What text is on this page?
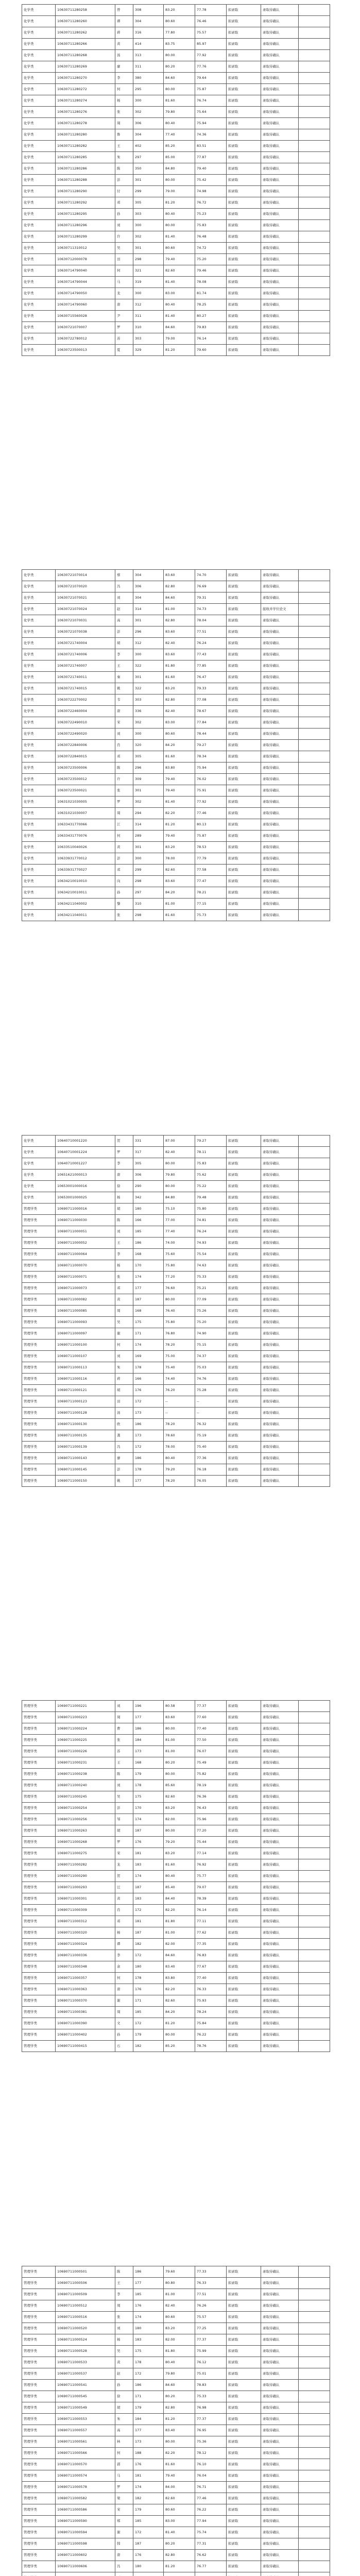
化学类	10630711280258	曾	308	83.20	77.78	拟录取	录取待确认	
化学类	10630711280260	谭	304	80.60	76.46	拟录取	录取待确认	
化学类	10630711280262	蒋	316	77.80	75.57	拟录取	录取待确认	
化学类	10630711280266	黄	414	83.75	85.97	拟录取	录取待确认	
化学类	10630711280268	汤	313	80.00	77.92	拟录取	录取待确认	
化学类	10630711280269	廖	311	80.20	77.76	拟录取	录取待确认	
化学类	10630711280270	李	380	84.60	79.64	拟录取	录取待确认	
化学类	10630711280272	何	295	80.00	75.87	拟录取	录取待确认	
化学类	10630711280274	杨	300	81.60	76.74	拟录取	录取待确认	
化学类	10630711280276	张	302	79.80	75.64	拟录取	录取待确认	
化学类	10630711280278	周	306	80.40	75.94	拟录取	录取待确认	
化学类	10630711280280	鲁	304	77.40	74.36	拟录取	录取待确认	
化学类	10630711280282	王	402	85.20	83.51	拟录取	录取待确认	
化学类	10630711280285	朱	297	85.00	77.87	拟录取	录取待确认	
化学类	10630711280286	陈	350	84.80	79.40	拟录取	录取待确认	
化学类	10630711280288	彭	301	80.00	75.42	拟录取	录取待确认	
化学类	10630711280290	付	299	79.00	74.98	拟录取	录取待确认	
化学类	10630711280292	邓	305	81.20	76.72	拟录取	录取待确认	
化学类	10630711280295	孙	303	80.40	75.23	拟录取	录取待确认	
化学类	10630711280296	刘	300	80.00	75.83	拟录取	录取待确认	
化学类	10630711280299	许	302	81.40	76.48	拟录取	录取待确认	
化学类	10630711310012	吴	301	80.60	74.72	拟录取	录取待确认	
化学类	10630712000078	田	298	79.40	75.20	拟录取	录取待确认	
化学类	10630714790040	何	321	82.60	79.46	拟录取	录取待确认	
化学类	10630714790044	马	319	81.40	78.08	拟录取	录取待确认	
化学类	10630714790050	龙	300	83.00	81.74	拟录取	录取待确认	
化学类	10630714790060	唐	312	80.40	78.25	拟录取	录取待确认	
化学类	10630715560028	尹	311	81.40	80.27	拟录取	录取待确认	
化学类	10630721070007	罗	310	84.60	79.83	拟录取	录取待确认	
化学类	10630722780012	苏	303	79.00	76.14	拟录取	录取待确认	
化学类	10630723500013	夏	329	81.20	79.60	拟录取	录取待确认	
化学类	10630721070014	蔡	304	83.60	74.70	拟录取	录取待确认	
化学类	10630721070020	冯	306	82.80	76.69	拟录取	录取待确认	
化学类	10630721070021	刘	304	84.60	79.31	拟录取	录取待确认	
化学类	10630721070024	赵	314	81.00	74.73	拟录取	接收并学位论文	
化学类	10630721070031	高	301	82.80	78.04	拟录取	录取待确认	
化学类	10630721070038	彭	296	83.60	77.51	拟录取	录取待确认	
化学类	10630721740004	胡	312	82.40	76.24	拟录取	录取待确认	
化学类	10630721740006	李	300	83.60	77.43	拟录取	录取待确认	
化学类	10630721740007	王	322	81.80	77.85	拟录取	录取待确认	
化学类	10630721740011	秦	301	81.60	76.47	拟录取	录取待确认	
化学类	10630721740015	姚	322	83.20	79.33	拟录取	录取待确认	
化学类	10630722270002	韦	303	82.80	77.08	拟录取	录取待确认	
化学类	10630722460004	唐	336	82.40	78.67	拟录取	录取待确认	
化学类	10630722490010	宋	302	83.00	77.84	拟录取	录取待确认	
化学类	10630722490020	刘	300	80.60	78.44	拟录取	录取待确认	
化学类	10630722840006	肖	320	84.20	79.27	拟录取	录取待确认	
化学类	10630722840015	邓	305	81.60	78.34	拟录取	录取待确认	
化学类	10630723500006	陈	296	83.80	75.94	拟录取	录取待确认	
化学类	10630723500012	许	309	79.40	76.02	拟录取	录取待确认	
化学类	10630723500021	张	301	79.40	75.91	拟录取	录取待确认	
化学类	10631021030005	罗	302	81.40	77.92	拟录取	录取待确认	
化学类	10631021030007	周	294	82.20	77.46	拟录取	录取待确认	
化学类	10633431770066	江	314	81.20	80.13	拟录取	录取待确认	
化学类	10633431770076	何	289	79.40	75.87	拟录取	录取待确认	
化学类	10633510040026	黄	301	83.20	78.53	拟录取	录取待确认	
化学类	10633931770012	彭	300	78.00	77.79	拟录取	录取待确认	
化学类	10633931770027	邓	299	82.60	77.58	拟录取	录取待确认	
化学类	10634210010010	向	298	83.60	77.47	拟录取	录取待确认	
化学类	10634210010011	孙	297	84.20	78.21	拟录取	录取待确认	
化学类	10634211040002	黎	310	81.00	77.15	拟录取	录取待确认	
化学类	10634211040011	张	298	81.60	75.73	拟录取	录取待确认	
化学类	10640710001220	贺	331	87.00	79.27	拟录取	录取待确认	
化学类	10640710001224	罗	317	82.40	78.11	拟录取	录取待确认	
化学类	10640710001227	李	305	80.00	75.83	拟录取	录取待确认	
化学类	10651621000013	唐	306	79.80	75.62	拟录取	录取待确认	
化学类	10653001000016	徐	290	80.00	75.22	拟录取	录取待确认	
化学类	10653001000025	杨	342	84.80	79.48	拟录取	录取待确认	
管理学类	10690711000016	胡	180	75.10	75.80	拟录取	录取待确认	
管理学类	10690711000030	陈	166	77.00	74.81	拟录取	录取待确认	
管理学类	10690711000051	刘	185	77.40	76.24	拟录取	录取待确认	
管理学类	10690711000052	王	186	74.00	74.93	拟录取	录取待确认	
管理学类	10690711000064	李	168	75.60	75.54	拟录取	录取待确认	
管理学类	10690711000070	杨	170	75.80	74.63	拟录取	录取待确认	
管理学类	10690711000071	张	174	77.20	75.33	拟录取	录取待确认	
管理学类	10690711000073	邓	177	76.60	75.21	拟录取	录取待确认	
管理学类	10690711000082	黄	187	80.00	77.09	拟录取	录取待确认	
管理学类	10690711000085	周	168	76.40	75.26	拟录取	录取待确认	
管理学类	10690711000093	吴	175	75.80	75.20	拟录取	录取待确认	
管理学类	10690711000097	谢	171	76.80	74.90	拟录取	录取待确认	
管理学类	10690711000100	何	174	78.20	75.15	拟录取	录取待确认	
管理学类	10690711000107	刘	169	75.00	74.37	拟录取	录取待确认	
管理学类	10690711000113	朱	178	75.40	75.03	拟录取	录取待确认	
管理学类	10690711000116	蒋	166	74.40	74.76	拟录取	录取待确认	
管理学类	10690711000121	胡	176	76.20	75.28	拟录取	录取待确认	
管理学类	10690711000123	田	172	--	--	拟录取	录取待确认	
管理学类	10690711000128	汤	173	--	--	拟录取	录取待确认	
管理学类	10690711000130	欧	186	78.20	76.32	拟录取	录取待确认	
管理学类	10690711000135	龚	173	78.60	75.19	拟录取	录取待确认	
管理学类	10690711000139	冯	172	78.00	75.40	拟录取	录取待确认	
管理学类	10690711000143	廖	186	80.40	77.36	拟录取	录取待确认	
管理学类	10690711000145	彭	178	79.20	76.18	拟录取	录取待确认	
管理学类	10690711000150	姚	177	78.20	76.05	拟录取	录取待确认	
管理学类	10690711000221	刘	196	80.58	77.37	拟录取	录取待确认	
管理学类	10690711000223	周	177	83.60	77.60	拟录取	录取待确认	
管理学类	10690711000224	曹	186	80.00	77.40	拟录取	录取待确认	
管理学类	10690711000225	张	184	81.00	77.50	拟录取	录取待确认	
管理学类	10690711000226	苏	173	81.00	76.07	拟录取	录取待确认	
管理学类	10690711000231	王	168	80.20	75.49	拟录取	录取待确认	
管理学类	10690711000238	陈	179	80.00	75.82	拟录取	录取待确认	
管理学类	10690711000240	刘	178	85.60	78.19	拟录取	录取待确认	
管理学类	10690711000245	吴	175	82.60	76.36	拟录取	录取待确认	
管理学类	10690711000254	彭	170	83.20	76.43	拟录取	录取待确认	
管理学类	10690711000256	邹	174	82.00	75.96	拟录取	录取待确认	
管理学类	10690711000263	胡	187	80.00	77.20	拟录取	录取待确认	
管理学类	10690711000268	罗	176	79.20	75.44	拟录取	录取待确认	
管理学类	10690711000275	宋	181	83.20	77.14	拟录取	录取待确认	
管理学类	10690711000282	龙	183	81.60	76.92	拟录取	录取待确认	
管理学类	10690711000290	贺	174	80.40	75.77	拟录取	录取待确认	
管理学类	10690711000293	汪	187	85.40	79.07	拟录取	录取待确认	
管理学类	10690711000301	黄	183	84.40	78.39	拟录取	录取待确认	
管理学类	10690711000309	肖	172	82.20	76.14	拟录取	录取待确认	
管理学类	10690711000312	邓	181	81.80	77.11	拟录取	录取待确认	
管理学类	10690711000320	杨	187	81.00	77.62	拟录取	录取待确认	
管理学类	10690711000324	谭	182	82.00	77.35	拟录取	录取待确认	
管理学类	10690711000336	李	172	84.60	76.83	拟录取	录取待确认	
管理学类	10690711000348	余	180	83.40	77.67	拟录取	录取待确认	
管理学类	10690711000357	何	178	83.80	77.40	拟录取	录取待确认	
管理学类	10690711000363	唐	176	82.20	76.33	拟录取	录取待确认	
管理学类	10690711000370	谢	171	82.60	75.93	拟录取	录取待确认	
管理学类	10690711000381	周	185	84.20	78.24	拟录取	录取待确认	
管理学类	10690711000390	文	172	81.20	75.84	拟录取	录取待确认	
管理学类	10690711000402	孙	179	80.00	76.22	拟录取	录取待确认	
管理学类	10690711000415	石	182	85.20	78.76	拟录取	录取待确认	
管理学类	10690711000501	陈	186	79.60	77.33	拟录取	录取待确认	
管理学类	10690711000506	王	177	80.80	76.33	拟录取	录取待确认	
管理学类	10690711000509	李	185	81.00	77.51	拟录取	录取待确认	
管理学类	10690711000512	周	176	82.40	76.26	拟录取	录取待确认	
管理学类	10690711000516	张	174	80.60	75.57	拟录取	录取待确认	
管理学类	10690711000520	刘	180	83.20	77.25	拟录取	录取待确认	
管理学类	10690711000524	杨	183	82.00	77.37	拟录取	录取待确认	
管理学类	10690711000528	吴	175	81.80	75.99	拟录取	录取待确认	
管理学类	10690711000533	黄	178	80.40	76.12	拟录取	录取待确认	
管理学类	10690711000537	赵	172	79.80	75.01	拟录取	录取待确认	
管理学类	10690711000541	孙	186	84.60	78.83	拟录取	录取待确认	
管理学类	10690711000545	徐	171	80.20	75.33	拟录取	录取待确认	
管理学类	10690711000549	胡	179	82.80	76.98	拟录取	录取待确认	
管理学类	10690711000553	朱	184	81.20	77.37	拟录取	录取待确认	
管理学类	10690711000557	高	177	83.40	76.95	拟录取	录取待确认	
管理学类	10690711000561	林	173	80.00	75.36	拟录取	录取待确认	
管理学类	10690711000566	何	188	82.20	78.12	拟录取	录取待确认	
管理学类	10690711000570	郭	176	81.60	76.10	拟录取	录取待确认	
管理学类	10690711000574	马	181	79.40	76.04	拟录取	录取待确认	
管理学类	10690711000578	罗	174	84.00	76.71	拟录取	录取待确认	
管理学类	10690711000582	梁	182	82.60	77.46	拟录取	录取待确认	
管理学类	10690711000586	宋	179	80.60	76.22	拟录取	录取待确认	
管理学类	10690711000590	郑	185	83.00	77.94	拟录取	录取待确认	
管理学类	10690711000594	谢	172	81.40	75.74	拟录取	录取待确认	
管理学类	10690711000598	韩	187	80.20	77.31	拟录取	录取待确认	
管理学类	10690711000602	唐	176	82.80	76.62	拟录取	录取待确认	
管理学类	10690711000606	冯	180	81.20	76.77	拟录取	录取待确认	
